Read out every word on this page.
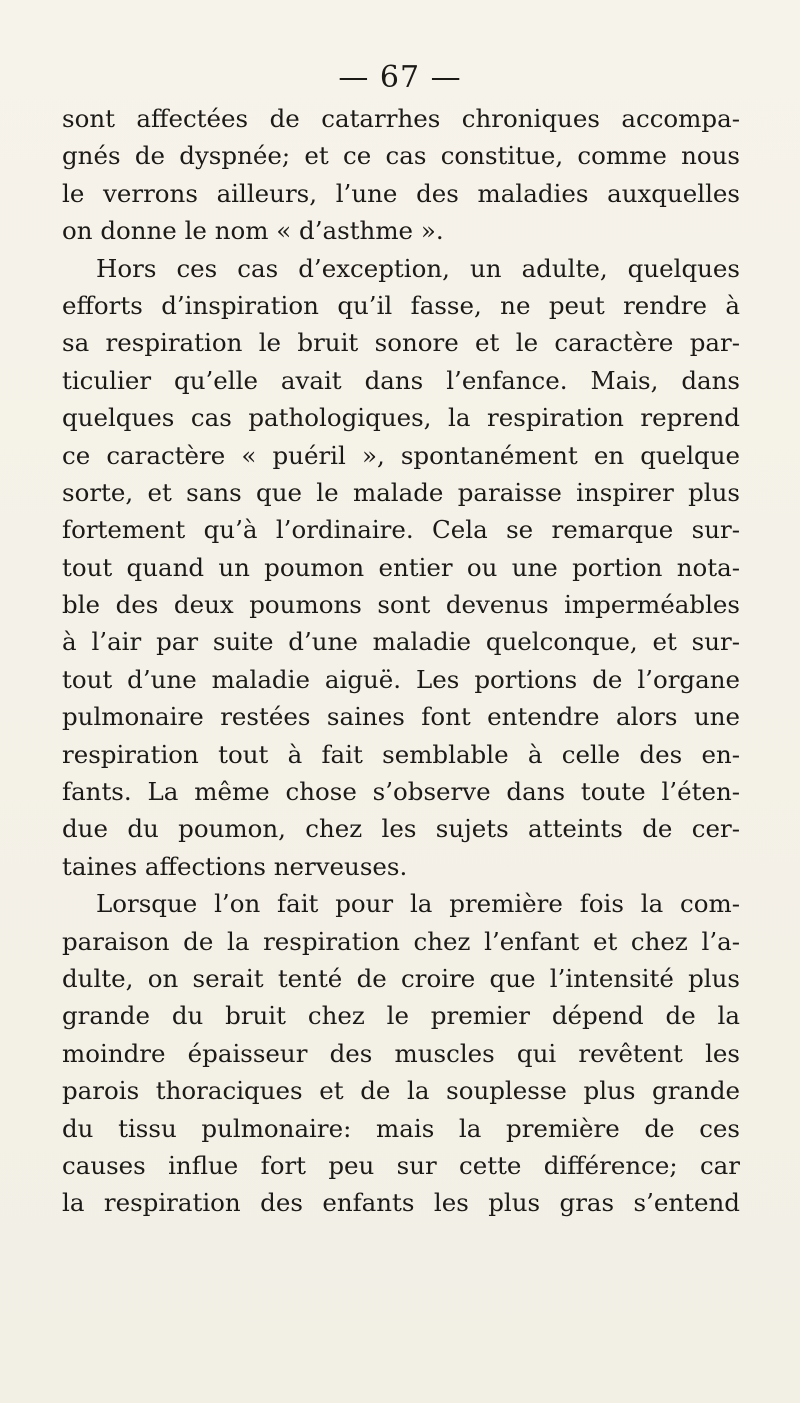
— 67 —
sont affectées de catarrhes chroniques accompa-
gnés de dyspnée; et ce cas constitue, comme nous
le verrons ailleurs, l’une des maladies auxquelles
on donne le nom « d’asthme ».
Hors ces cas d’exception, un adulte, quelques
efforts d’inspiration qu’il fasse, ne peut rendre à
sa respiration le bruit sonore et le caractère par-
ticulier qu’elle avait dans l’enfance. Mais, dans
quelques cas pathologiques, la respiration reprend
ce caractère « puéril », spontanément en quelque
sorte, et sans que le malade paraisse inspirer plus
fortement qu’à l’ordinaire. Cela se remarque sur-
tout quand un poumon entier ou une portion nota-
ble des deux poumons sont devenus imperméables
à l’air par suite d’une maladie quelconque, et sur-
tout d’une maladie aiguë. Les portions de l’organe
pulmonaire restées saines font entendre alors une
respiration tout à fait semblable à celle des en-
fants. La même chose s’observe dans toute l’éten-
due du poumon, chez les sujets atteints de cer-
taines affections nerveuses.
Lorsque l’on fait pour la première fois la com-
paraison de la respiration chez l’enfant et chez l’a-
dulte, on serait tenté de croire que l’intensité plus
grande du bruit chez le premier dépend de la
moindre épaisseur des muscles qui revêtent les
parois thoraciques et de la souplesse plus grande
du tissu pulmonaire: mais la première de ces
causes influe fort peu sur cette différence; car
la respiration des enfants les plus gras s’entend
